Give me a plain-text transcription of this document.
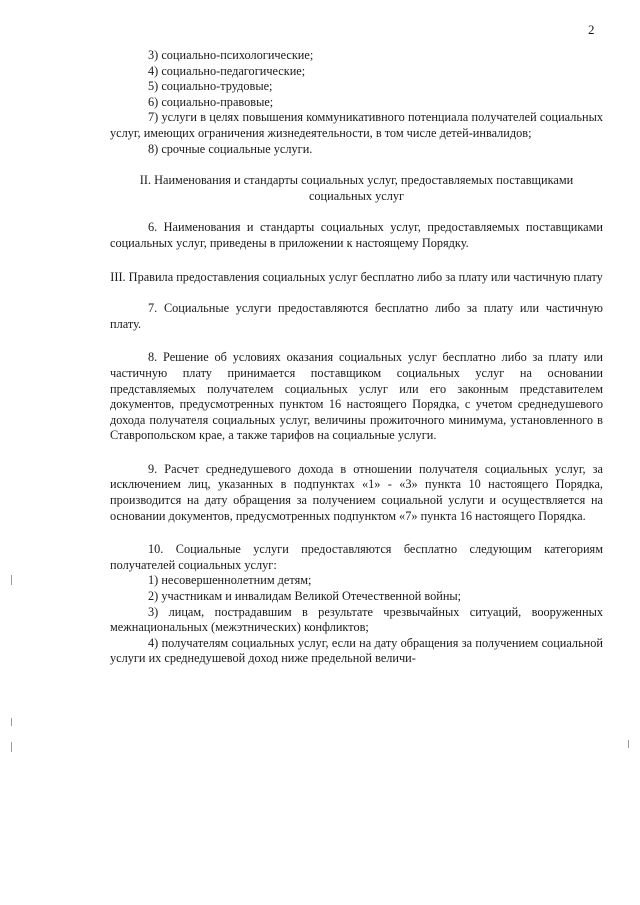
2

3) социально-психологические;

4) социально-педагогические;

5) социально-трудовые;

6) социально-правовые;

7) услуги в целях повышения коммуникативного потенциала получателей социальных услуг, имеющих ограничения жизнедеятельности, в том числе детей-инвалидов;

8) срочные социальные услуги.

II. Наименования и стандарты социальных услуг, предоставляемых поставщиками социальных услуг

6. Наименования и стандарты социальных услуг, предоставляемых поставщиками социальных услуг, приведены в приложении к настоящему Порядку.

III. Правила предоставления социальных услуг бесплатно либо за плату или частичную плату

7. Социальные услуги предоставляются бесплатно либо за плату или частичную плату.

8. Решение об условиях оказания социальных услуг бесплатно либо за плату или частичную плату принимается поставщиком социальных услуг на основании представляемых получателем социальных услуг или его законным представителем документов, предусмотренных пунктом 16 настоящего Порядка, с учетом среднедушевого дохода получателя социальных услуг, величины прожиточного минимума, установленного в Ставропольском крае, а также тарифов на социальные услуги.

9. Расчет среднедушевого дохода в отношении получателя социальных услуг, за исключением лиц, указанных в подпунктах «1» - «3» пункта 10 настоящего Порядка, производится на дату обращения за получением социальной услуги и осуществляется на основании документов, предусмотренных подпунктом «7» пункта 16 настоящего Порядка.

10. Социальные услуги предоставляются бесплатно следующим категориям получателей социальных услуг:

1) несовершеннолетним детям;

2) участникам и инвалидам Великой Отечественной войны;

3) лицам, пострадавшим в результате чрезвычайных ситуаций, вооруженных межнациональных (межэтнических) конфликтов;

4) получателям социальных услуг, если на дату обращения за получением социальной услуги их среднедушевой доход ниже предельной величи-
